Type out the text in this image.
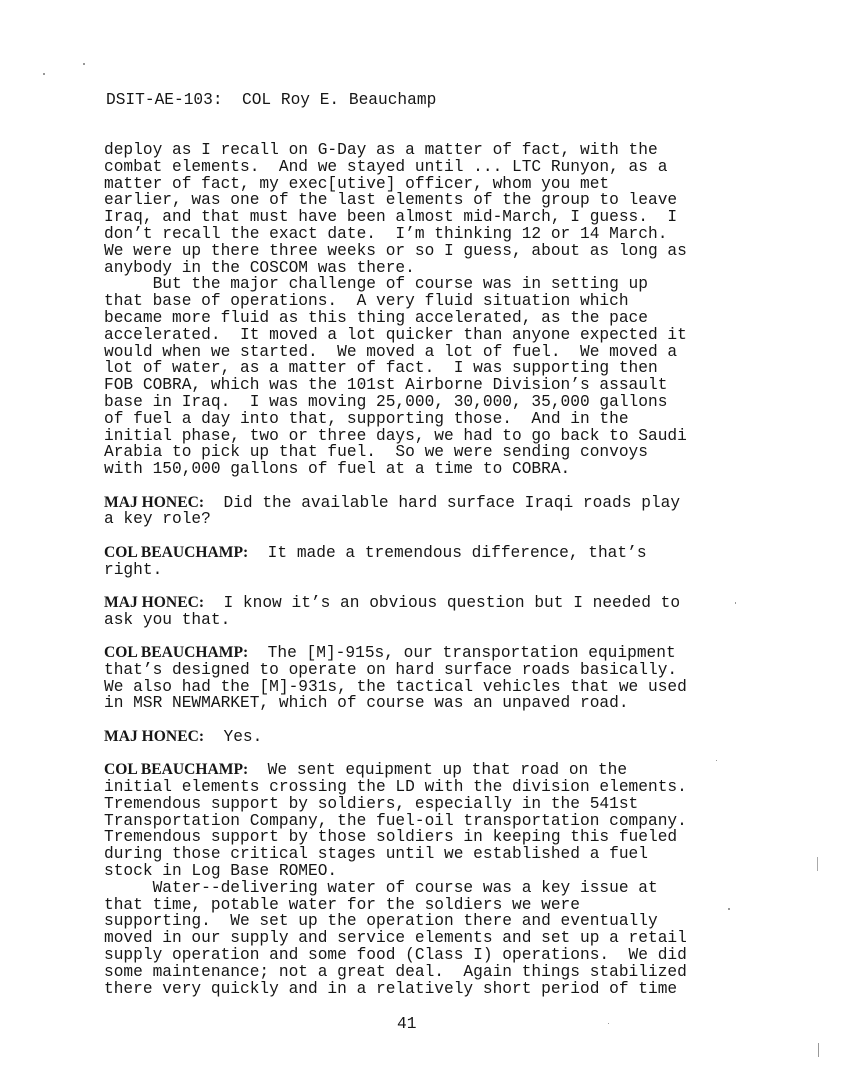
DSIT-AE-103:  COL Roy E. Beauchamp
deploy as I recall on G-Day as a matter of fact, with the
combat elements.  And we stayed until ... LTC Runyon, as a
matter of fact, my exec[utive] officer, whom you met
earlier, was one of the last elements of the group to leave
Iraq, and that must have been almost mid-March, I guess.  I
don’t recall the exact date.  I’m thinking 12 or 14 March.
We were up there three weeks or so I guess, about as long as
anybody in the COSCOM was there.
But the major challenge of course was in setting up
that base of operations.  A very fluid situation which
became more fluid as this thing accelerated, as the pace
accelerated.  It moved a lot quicker than anyone expected it
would when we started.  We moved a lot of fuel.  We moved a
lot of water, as a matter of fact.  I was supporting then
FOB COBRA, which was the 101st Airborne Division’s assault
base in Iraq.  I was moving 25,000, 30,000, 35,000 gallons
of fuel a day into that, supporting those.  And in the
initial phase, two or three days, we had to go back to Saudi
Arabia to pick up that fuel.  So we were sending convoys
with 150,000 gallons of fuel at a time to COBRA.
MAJ HONEC:  Did the available hard surface Iraqi roads play
a key role?
COL BEAUCHAMP:  It made a tremendous difference, that’s
right.
MAJ HONEC:  I know it’s an obvious question but I needed to
ask you that.
COL BEAUCHAMP:  The [M]-915s, our transportation equipment
that’s designed to operate on hard surface roads basically.
We also had the [M]-931s, the tactical vehicles that we used
in MSR NEWMARKET, which of course was an unpaved road.
MAJ HONEC:  Yes.
COL BEAUCHAMP:  We sent equipment up that road on the
initial elements crossing the LD with the division elements.
Tremendous support by soldiers, especially in the 541st
Transportation Company, the fuel-oil transportation company.
Tremendous support by those soldiers in keeping this fueled
during those critical stages until we established a fuel
stock in Log Base ROMEO.
Water--delivering water of course was a key issue at
that time, potable water for the soldiers we were
supporting.  We set up the operation there and eventually
moved in our supply and service elements and set up a retail
supply operation and some food (Class I) operations.  We did
some maintenance; not a great deal.  Again things stabilized
there very quickly and in a relatively short period of time
41
